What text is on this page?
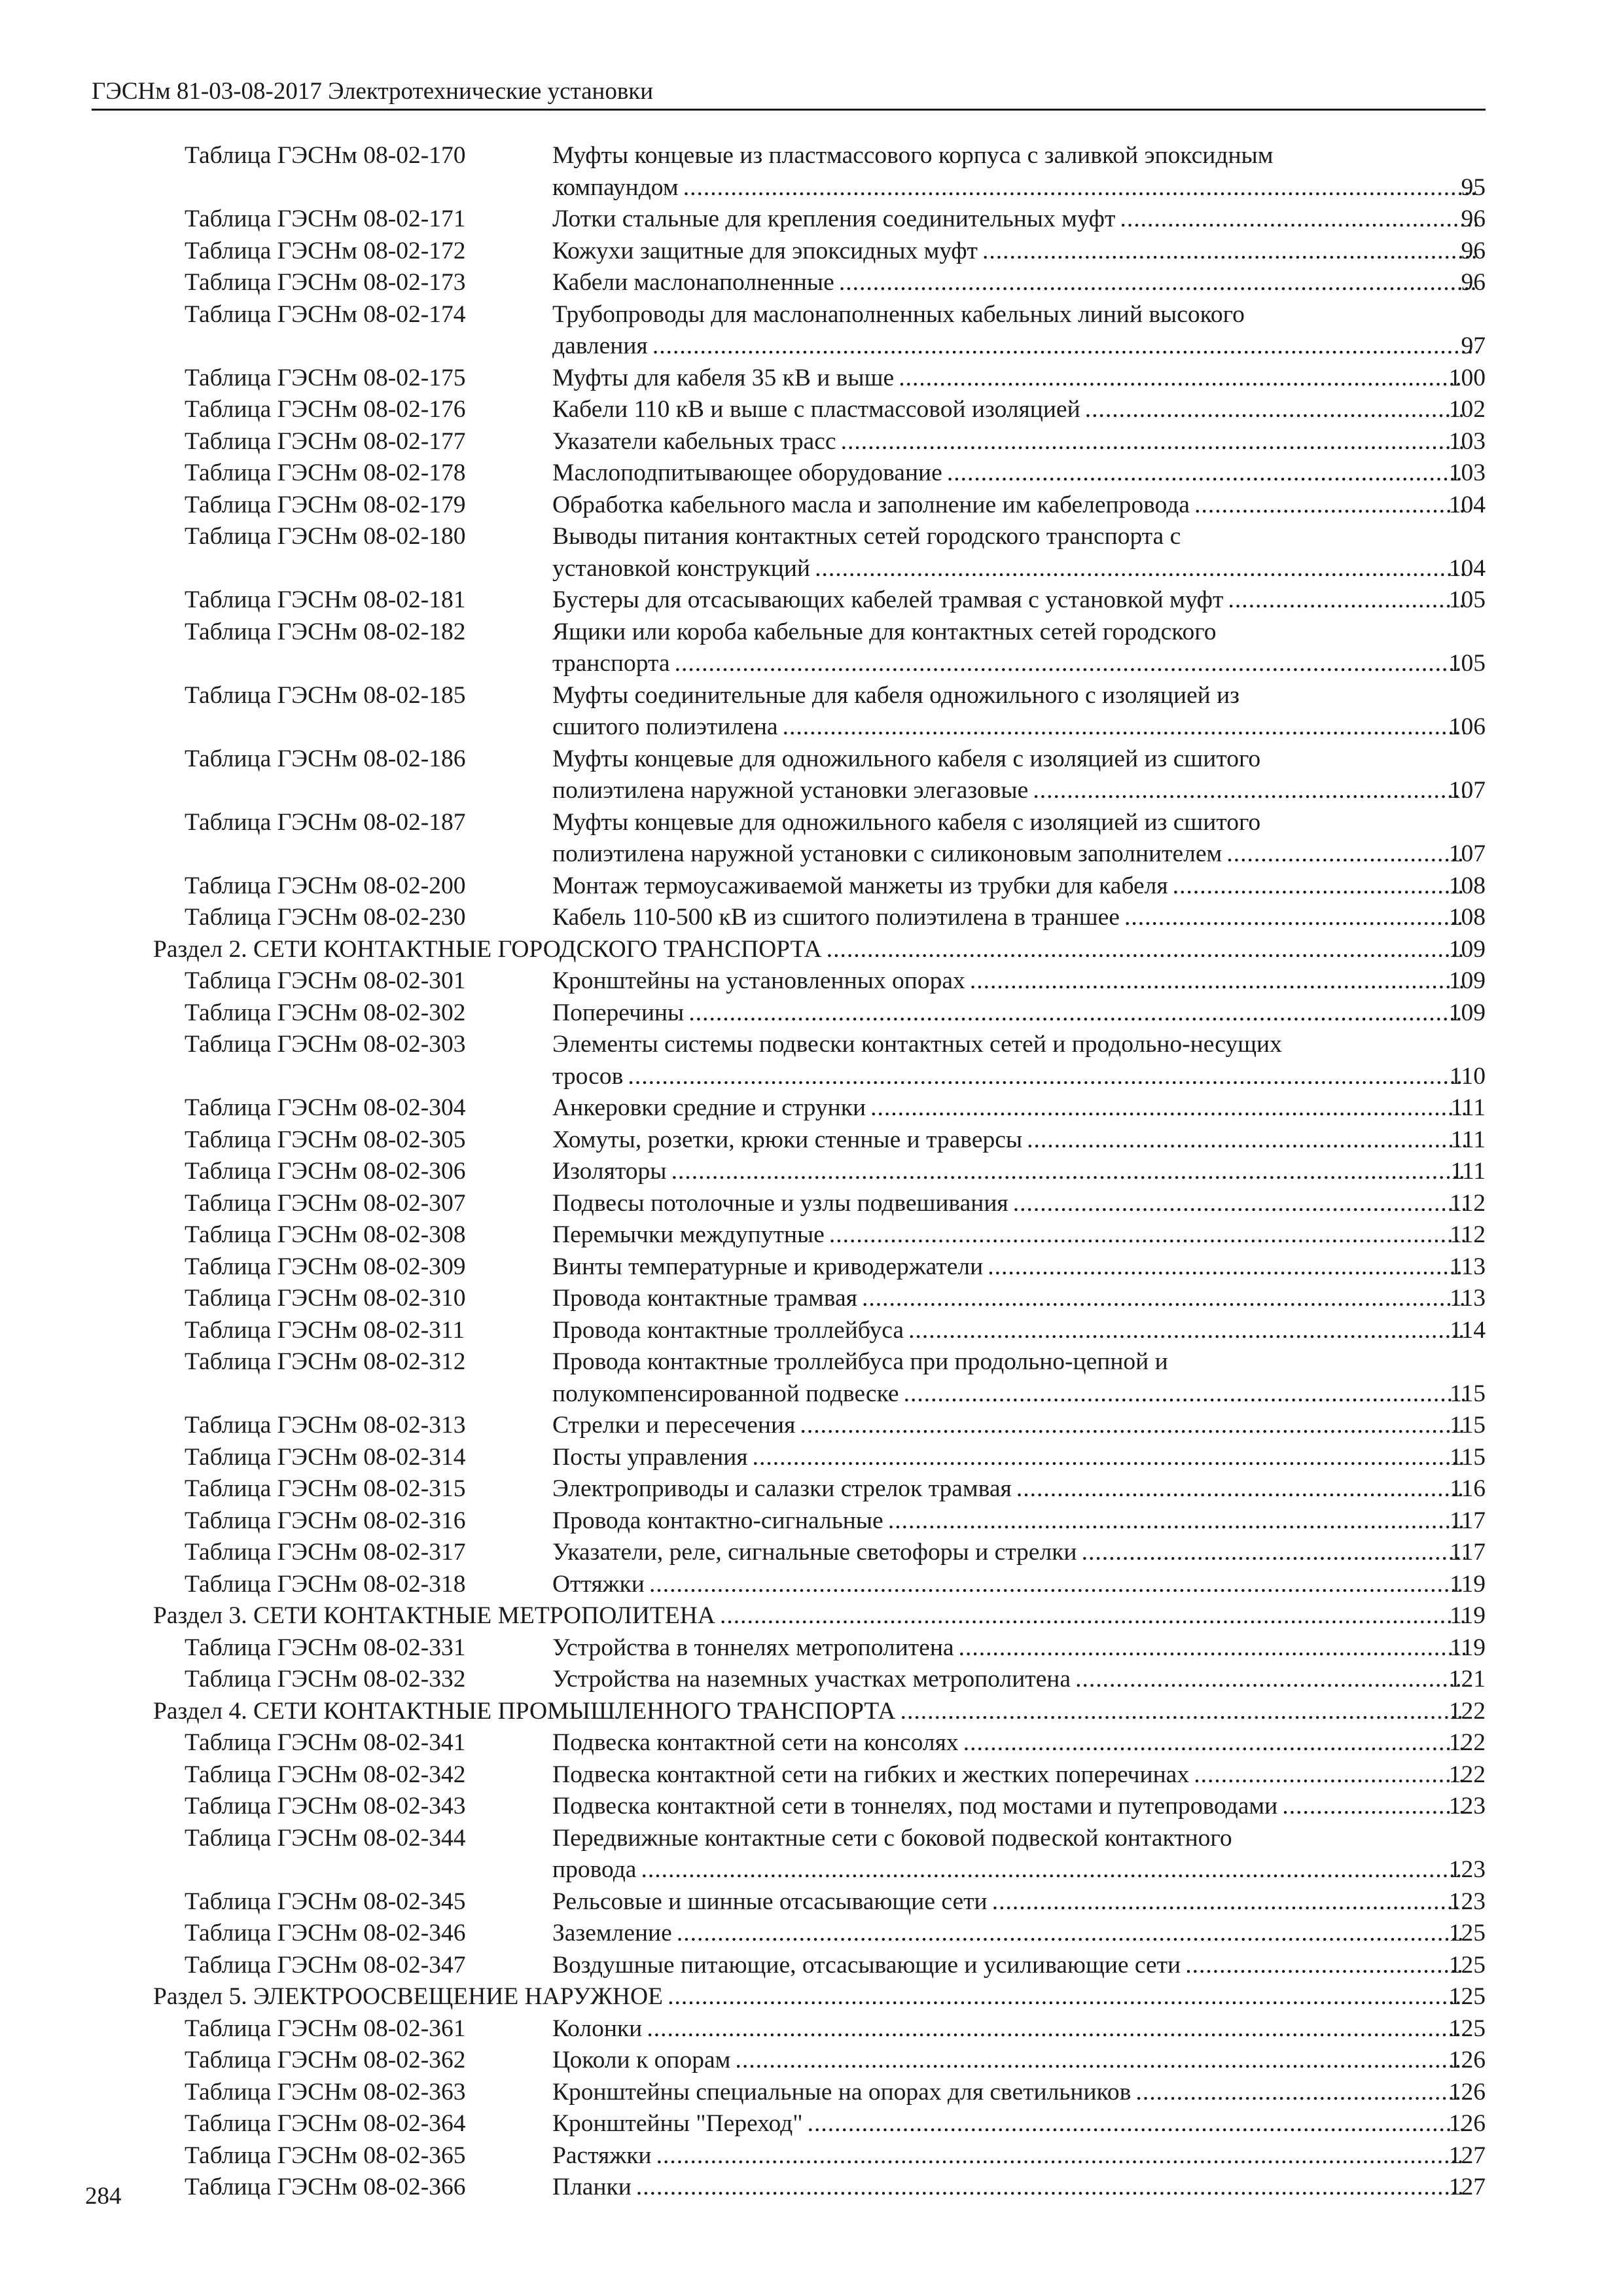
ГЭСНм 81-03-08-2017 Электротехнические установки
Таблица ГЭСНм 08-02-170	Муфты концевые из пластмассового корпуса с заливкой эпоксидным
компаундом .....	95
Таблица ГЭСНм 08-02-171	Лотки стальные для крепления соединительных муфт .....	96
Таблица ГЭСНм 08-02-172	Кожухи защитные для эпоксидных муфт .....	96
Таблица ГЭСНм 08-02-173	Кабели маслонаполненные .....	96
Таблица ГЭСНм 08-02-174	Трубопроводы для маслонаполненных кабельных линий высокого
давления .....	97
Таблица ГЭСНм 08-02-175	Муфты для кабеля 35 кВ и выше .....	100
Таблица ГЭСНм 08-02-176	Кабели 110 кВ и выше с пластмассовой изоляцией .....	102
Таблица ГЭСНм 08-02-177	Указатели кабельных трасс .....	103
Таблица ГЭСНм 08-02-178	Маслоподпитывающее оборудование .....	103
Таблица ГЭСНм 08-02-179	Обработка кабельного масла и заполнение им кабелепровода .....	104
Таблица ГЭСНм 08-02-180	Выводы питания контактных сетей городского транспорта с
установкой конструкций .....	104
Таблица ГЭСНм 08-02-181	Бустеры для отсасывающих кабелей трамвая с установкой муфт .....	105
Таблица ГЭСНм 08-02-182	Ящики или короба кабельные для контактных сетей городского
транспорта .....	105
Таблица ГЭСНм 08-02-185	Муфты соединительные для кабеля одножильного с изоляцией из
сшитого полиэтилена .....	106
Таблица ГЭСНм 08-02-186	Муфты концевые для одножильного кабеля с изоляцией из сшитого
полиэтилена наружной установки элегазовые .....	107
Таблица ГЭСНм 08-02-187	Муфты концевые для одножильного кабеля с изоляцией из сшитого
полиэтилена наружной установки с силиконовым заполнителем .....	107
Таблица ГЭСНм 08-02-200	Монтаж термоусаживаемой манжеты из трубки для кабеля .....	108
Таблица ГЭСНм 08-02-230	Кабель 110-500 кВ из сшитого полиэтилена в траншее .....	108
Раздел 2. СЕТИ КОНТАКТНЫЕ ГОРОДСКОГО ТРАНСПОРТА .....	109
Таблица ГЭСНм 08-02-301	Кронштейны на установленных опорах .....	109
Таблица ГЭСНм 08-02-302	Поперечины .....	109
Таблица ГЭСНм 08-02-303	Элементы системы подвески контактных сетей и продольно-несущих
тросов .....	110
Таблица ГЭСНм 08-02-304	Анкеровки средние и струнки .....	111
Таблица ГЭСНм 08-02-305	Хомуты, розетки, крюки стенные и траверсы .....	111
Таблица ГЭСНм 08-02-306	Изоляторы .....	111
Таблица ГЭСНм 08-02-307	Подвесы потолочные и узлы подвешивания .....	112
Таблица ГЭСНм 08-02-308	Перемычки междупутные .....	112
Таблица ГЭСНм 08-02-309	Винты температурные и криводержатели .....	113
Таблица ГЭСНм 08-02-310	Провода контактные трамвая .....	113
Таблица ГЭСНм 08-02-311	Провода контактные троллейбуса .....	114
Таблица ГЭСНм 08-02-312	Провода контактные троллейбуса при продольно-цепной и
полукомпенсированной подвеске .....	115
Таблица ГЭСНм 08-02-313	Стрелки и пересечения .....	115
Таблица ГЭСНм 08-02-314	Посты управления .....	115
Таблица ГЭСНм 08-02-315	Электроприводы и салазки стрелок трамвая .....	116
Таблица ГЭСНм 08-02-316	Провода контактно-сигнальные .....	117
Таблица ГЭСНм 08-02-317	Указатели, реле, сигнальные светофоры и стрелки .....	117
Таблица ГЭСНм 08-02-318	Оттяжки .....	119
Раздел 3. СЕТИ КОНТАКТНЫЕ МЕТРОПОЛИТЕНА .....	119
Таблица ГЭСНм 08-02-331	Устройства в тоннелях метрополитена .....	119
Таблица ГЭСНм 08-02-332	Устройства на наземных участках метрополитена .....	121
Раздел 4. СЕТИ КОНТАКТНЫЕ ПРОМЫШЛЕННОГО ТРАНСПОРТА .....	122
Таблица ГЭСНм 08-02-341	Подвеска контактной сети на консолях .....	122
Таблица ГЭСНм 08-02-342	Подвеска контактной сети на гибких и жестких поперечинах .....	122
Таблица ГЭСНм 08-02-343	Подвеска контактной сети в тоннелях, под мостами и путепроводами .....	123
Таблица ГЭСНм 08-02-344	Передвижные контактные сети с боковой подвеской контактного
провода .....	123
Таблица ГЭСНм 08-02-345	Рельсовые и шинные отсасывающие сети .....	123
Таблица ГЭСНм 08-02-346	Заземление .....	125
Таблица ГЭСНм 08-02-347	Воздушные питающие, отсасывающие и усиливающие сети .....	125
Раздел 5. ЭЛЕКТРООСВЕЩЕНИЕ НАРУЖНОЕ .....	125
Таблица ГЭСНм 08-02-361	Колонки .....	125
Таблица ГЭСНм 08-02-362	Цоколи к опорам .....	126
Таблица ГЭСНм 08-02-363	Кронштейны специальные на опорах для светильников .....	126
Таблица ГЭСНм 08-02-364	Кронштейны "Переход" .....	126
Таблица ГЭСНм 08-02-365	Растяжки .....	127
Таблица ГЭСНм 08-02-366	Планки .....	127
284
